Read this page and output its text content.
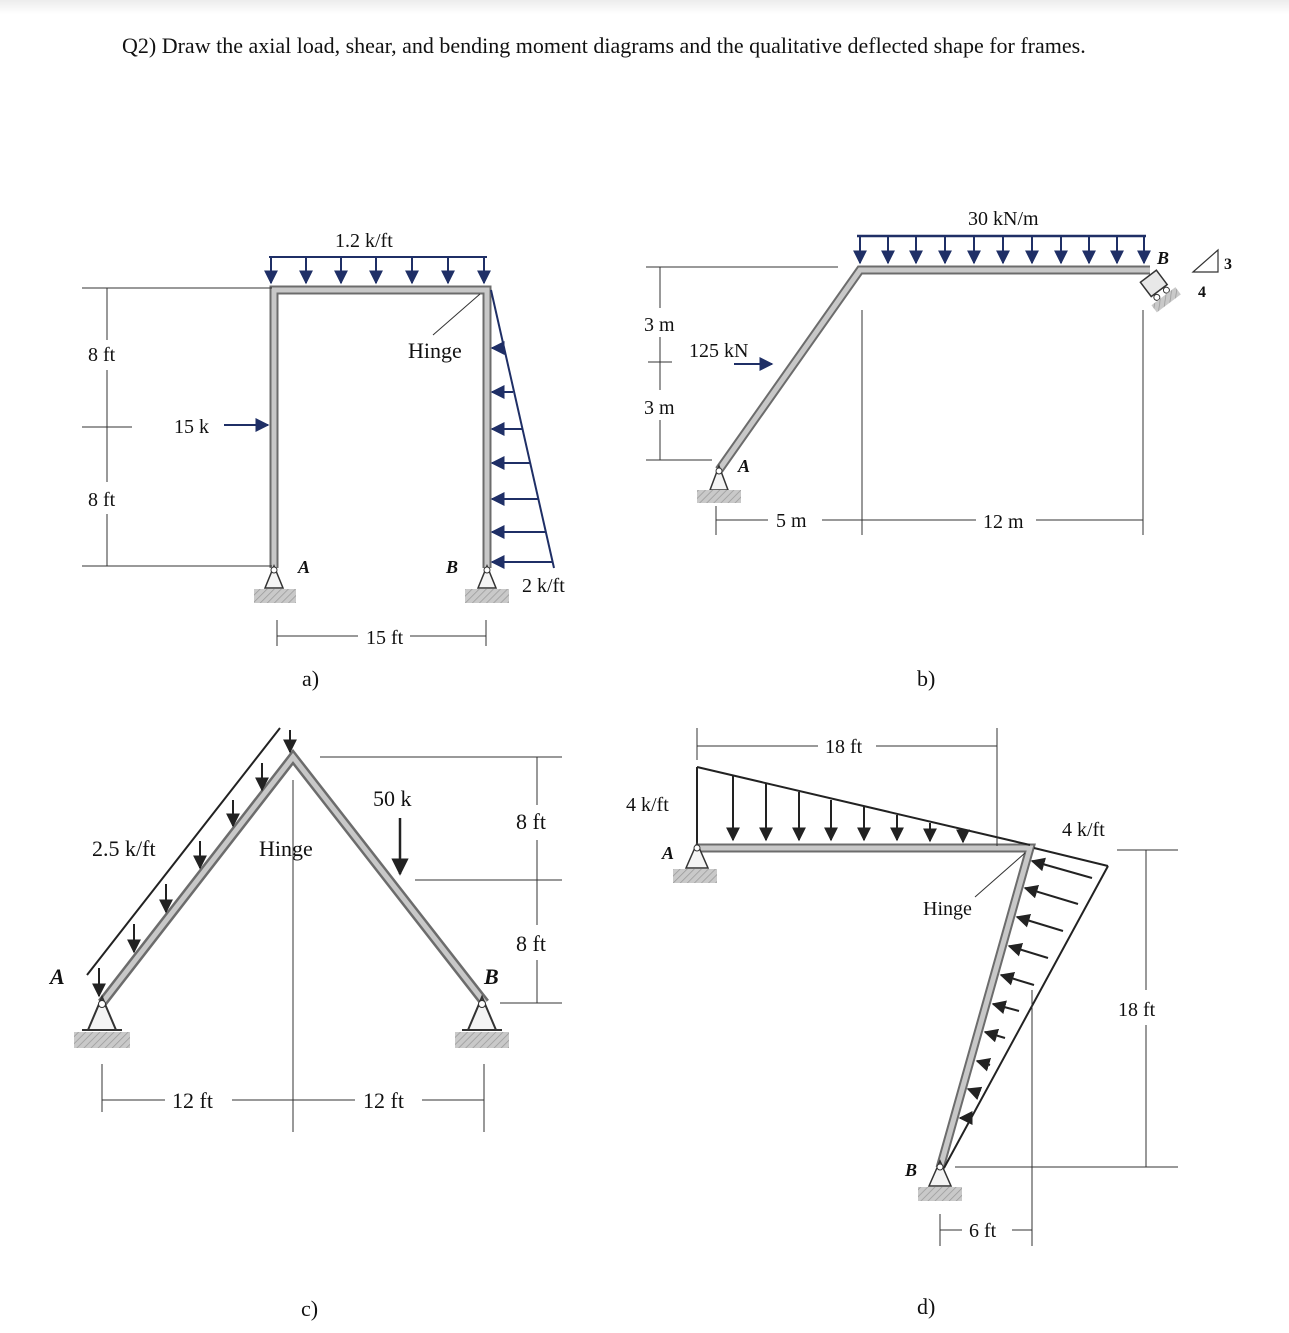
Q2) Draw the axial load, shear, and bending moment diagrams and the qualitative deflected shape for frames.
1.2 k/ft
Hinge
15 k
2 k/ft
A	B
8 ft
8 ft
15 ft
a)
30 kN/m
125 kN
A
B	3
4
3 m
3 m
5 m	12 m
b)
2.5 k/ft	Hinge
50 k
A	B
8 ft
8 ft
12 ft	12 ft
c)
4 k/ft
4 k/ft
Hinge
A
B
18 ft
18 ft
6 ft
d)
